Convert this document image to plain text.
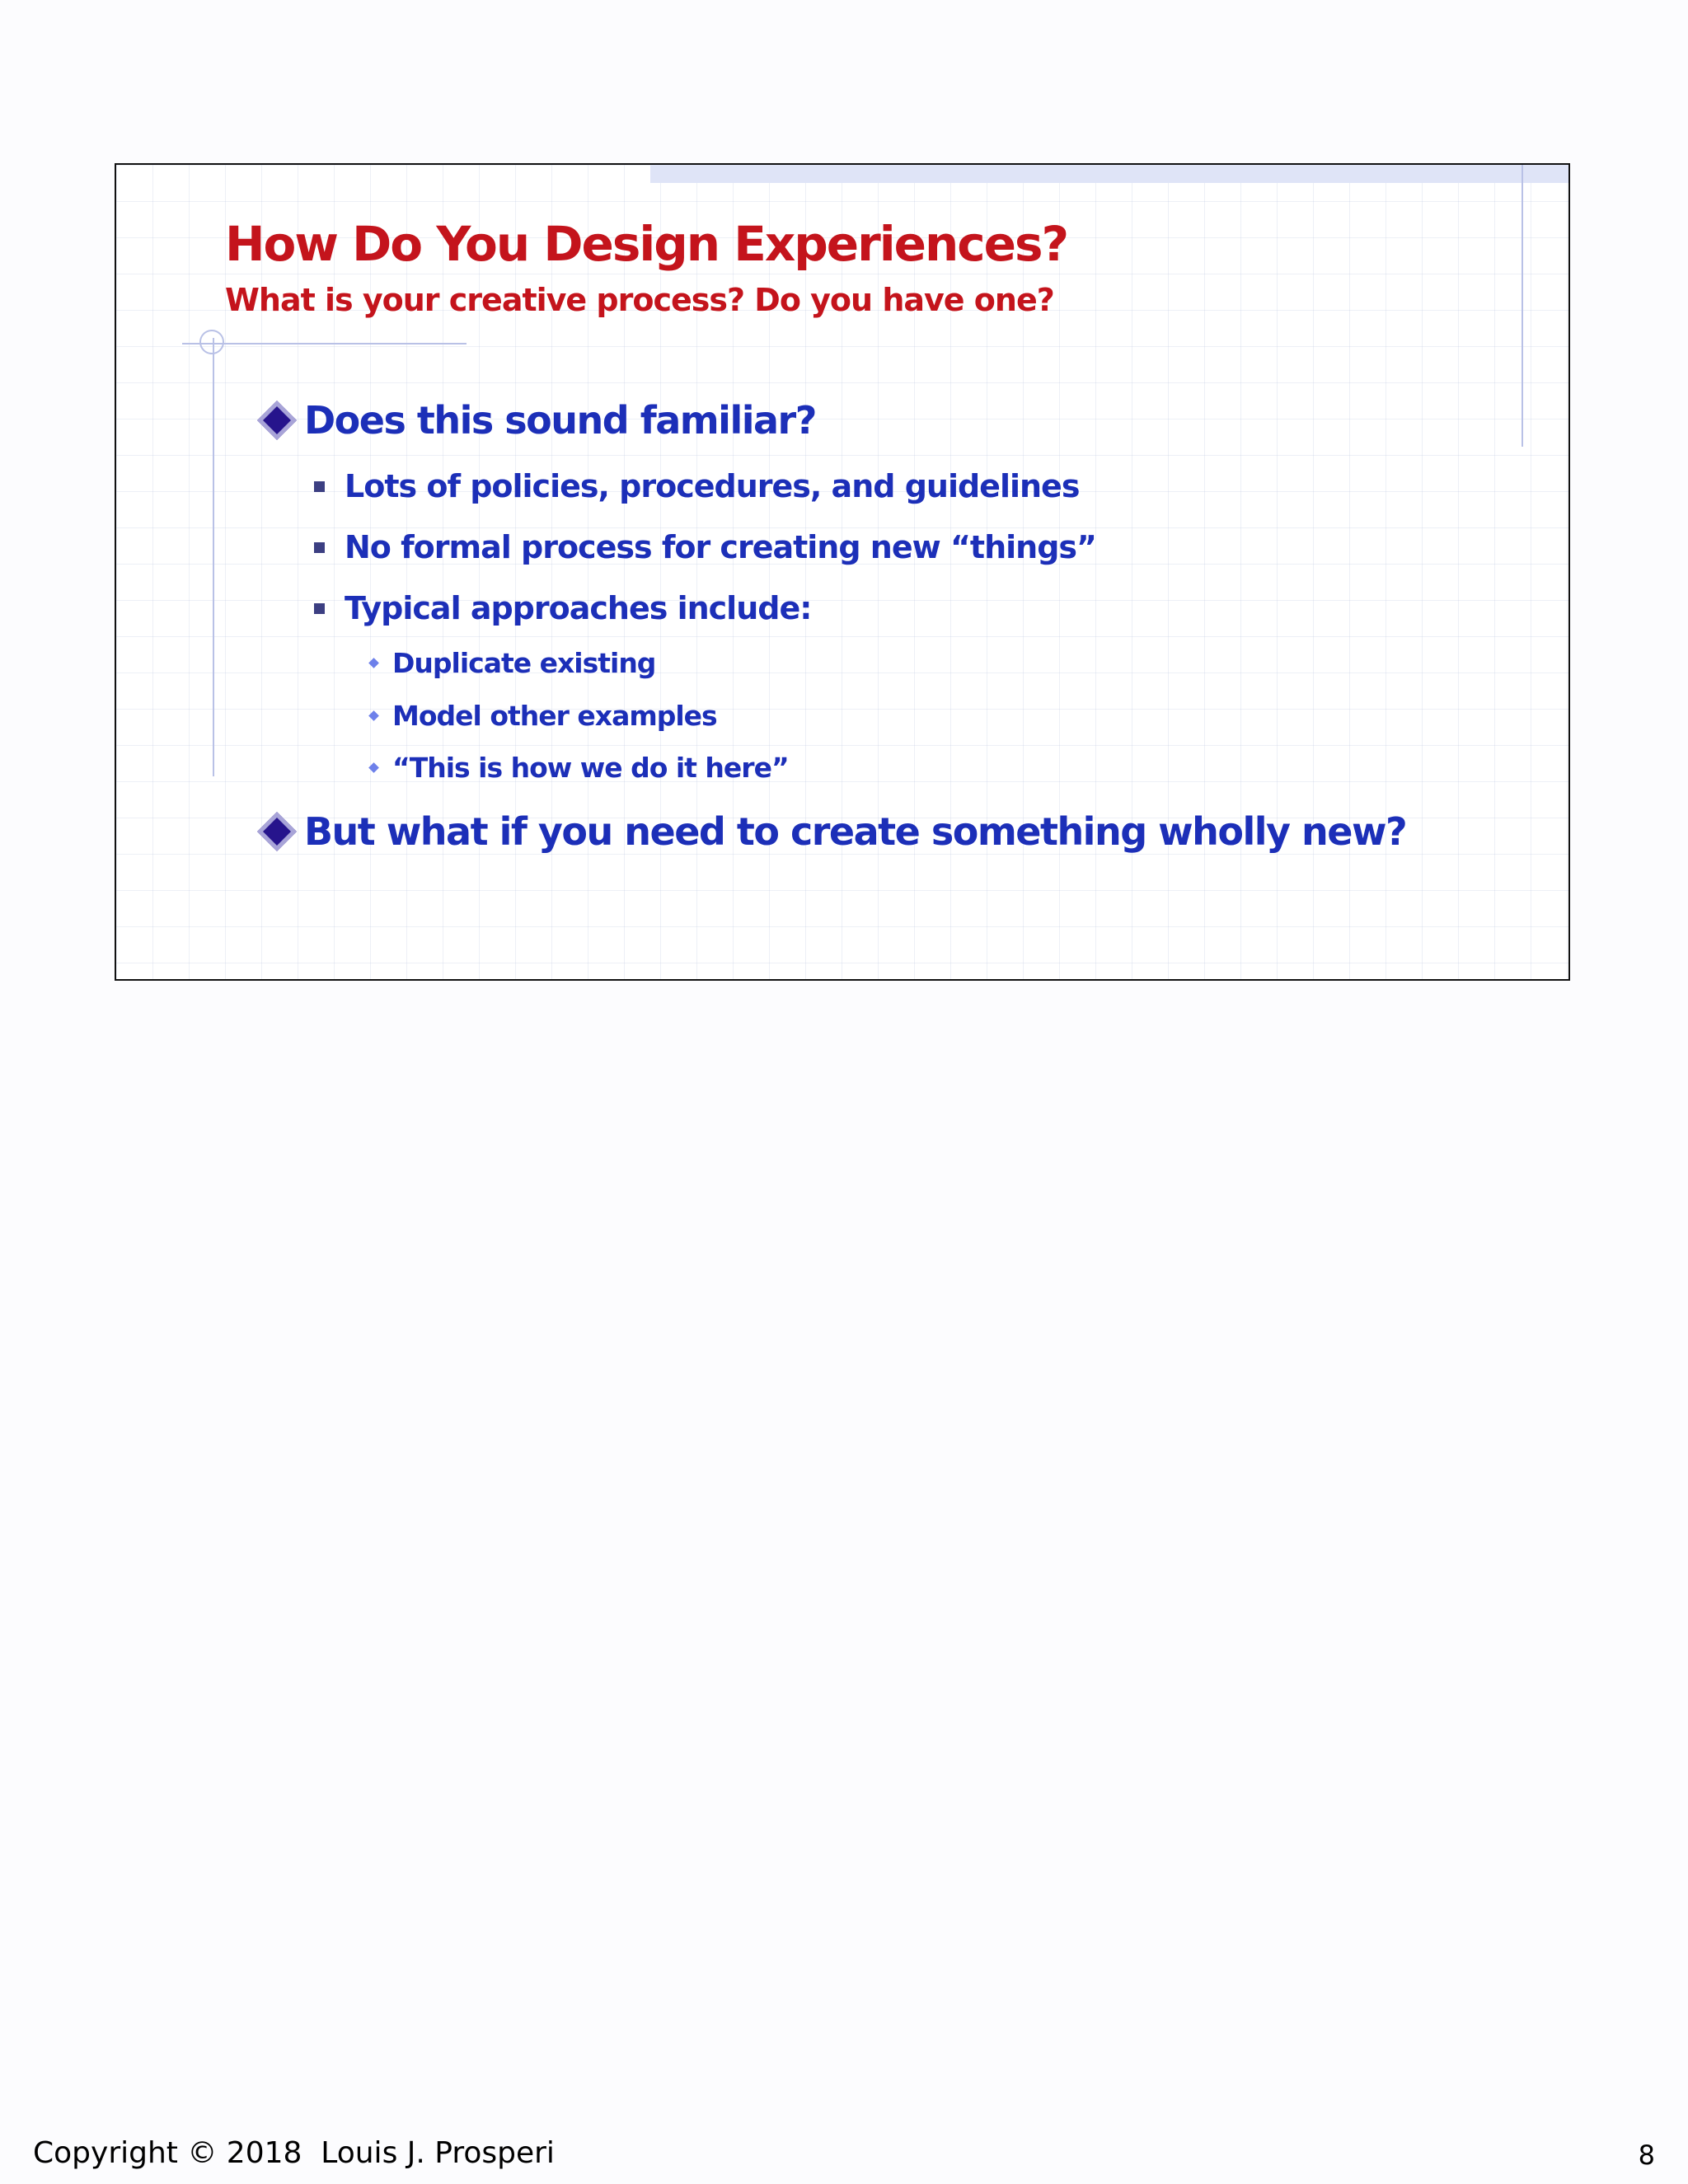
How Do You Design Experiences?
What is your creative process? Do you have one?
Does this sound familiar?
Lots of policies, procedures, and guidelines
No formal process for creating new “things”
Typical approaches include:
Duplicate existing
Model other examples
“This is how we do it here”
But what if you need to create something wholly new?
Copyright © 2018  Louis J. Prosperi	8
